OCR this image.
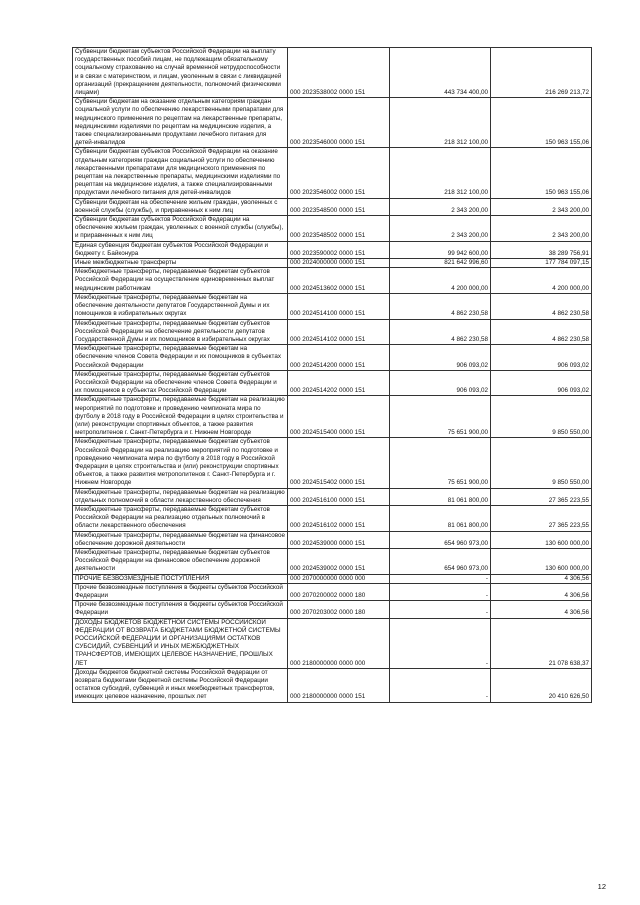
Субвенции бюджетам субъектов Российской Федерации на выплату государственных пособий лицам, не подлежащим обязательному социальному страхованию на случай временной нетрудоспособности и в связи с материнством, и лицам, уволенным в связи с ликвидацией организаций (прекращением деятельности, полномочий физическими лицами)	000 2023538002 0000 151	443 734 400,00	216 269 213,72
Субвенции бюджетам на оказание отдельным категориям граждан социальной услуги по обеспечению лекарственными препаратами для медицинского применения по рецептам на лекарственные препараты, медицинскими изделиями по рецептам на медицинские изделия, а также специализированными продуктами лечебного питания для детей-инвалидов	000 2023546000 0000 151	218 312 100,00	150 963 155,06
Субвенции бюджетам субъектов Российской Федерации на оказание отдельным категориям граждан социальной услуги по обеспечению лекарственными препаратами для медицинского применения по рецептам на лекарственные препараты, медицинскими изделиями по рецептам на медицинские изделия, а также специализированными продуктами лечебного питания для детей-инвалидов	000 2023546002 0000 151	218 312 100,00	150 963 155,06
Субвенции бюджетам на обеспечение жильем граждан, уволенных с военной службы (службы), и приравненных к ним лиц	000 2023548500 0000 151	2 343 200,00	2 343 200,00
Субвенции бюджетам субъектов Российской Федерации на обеспечение жильем граждан, уволенных с военной службы (службы), и приравненных к ним лиц	000 2023548502 0000 151	2 343 200,00	2 343 200,00
Единая субвенция бюджетам субъектов Российской Федерации и бюджету г. Байконура	000 2023590002 0000 151	99 942 600,00	38 289 756,91
Иные межбюджетные трансферты	000 2024000000 0000 151	821 642 996,60	177 784 097,15
Межбюджетные трансферты, передаваемые бюджетам субъектов Российской Федерации на осуществление единовременных выплат медицинским работникам	000 2024513602 0000 151	4 200 000,00	4 200 000,00
Межбюджетные трансферты, передаваемые бюджетам на обеспечение деятельности депутатов Государственной Думы и их помощников в избирательных округах	000 2024514100 0000 151	4 862 230,58	4 862 230,58
Межбюджетные трансферты, передаваемые бюджетам субъектов Российской Федерации на обеспечение деятельности депутатов Государственной Думы и их помощников в избирательных округах	000 2024514102 0000 151	4 862 230,58	4 862 230,58
Межбюджетные трансферты, передаваемые бюджетам на обеспечение членов Совета Федерации и их помощников в субъектах Российской Федерации	000 2024514200 0000 151	906 093,02	906 093,02
Межбюджетные трансферты, передаваемые бюджетам субъектов Российской Федерации на обеспечение членов Совета Федерации и их помощников в субъектах Российской Федерации	000 2024514202 0000 151	906 093,02	906 093,02
Межбюджетные трансферты, передаваемые бюджетам на реализацию мероприятий по подготовке и проведению чемпионата мира по футболу в 2018 году в Российской Федерации в целях строительства и (или) реконструкции спортивных объектов, а также развития метрополитенов г. Санкт-Петербурга и г. Нижнем Новгороде	000 2024515400 0000 151	75 651 900,00	9 850 550,00
Межбюджетные трансферты, передаваемые бюджетам субъектов Российской Федерации на реализацию мероприятий по подготовке и проведению чемпионата мира по футболу в 2018 году в Российской Федерации в целях строительства и (или) реконструкции спортивных объектов, а также развития метрополитенов г. Санкт-Петербурга и г. Нижнем Новгороде	000 2024515402 0000 151	75 651 900,00	9 850 550,00
Межбюджетные трансферты, передаваемые бюджетам на реализацию отдельных полномочий в области лекарственного обеспечения	000 2024516100 0000 151	81 061 800,00	27 365 223,55
Межбюджетные трансферты, передаваемые бюджетам субъектов Российской Федерации на реализацию отдельных полномочий в области лекарственного обеспечения	000 2024516102 0000 151	81 061 800,00	27 365 223,55
Межбюджетные трансферты, передаваемые бюджетам на финансовое обеспечение дорожной деятельности	000 2024539000 0000 151	654 960 973,00	130 600 000,00
Межбюджетные трансферты, передаваемые бюджетам субъектов Российской Федерации на финансовое обеспечение дорожной деятельности	000 2024539002 0000 151	654 960 973,00	130 600 000,00
ПРОЧИЕ БЕЗВОЗМЕЗДНЫЕ ПОСТУПЛЕНИЯ	000 2070000000 0000 000	-	4 306,56
Прочие безвозмездные поступления в бюджеты субъектов Российской Федерации	000 2070200002 0000 180	-	4 306,56
Прочие безвозмездные поступления в бюджеты субъектов Российской Федерации	000 2070203002 0000 180	-	4 306,56
ДОХОДЫ БЮДЖЕТОВ БЮДЖЕТНОЙ СИСТЕМЫ РОССИЙСКОЙ ФЕДЕРАЦИИ ОТ ВОЗВРАТА БЮДЖЕТАМИ БЮДЖЕТНОЙ СИСТЕМЫ РОССИЙСКОЙ ФЕДЕРАЦИИ И ОРГАНИЗАЦИЯМИ ОСТАТКОВ СУБСИДИЙ, СУБВЕНЦИЙ И ИНЫХ МЕЖБЮДЖЕТНЫХ ТРАНСФЕРТОВ, ИМЕЮЩИХ ЦЕЛЕВОЕ НАЗНАЧЕНИЕ, ПРОШЛЫХ ЛЕТ	000 2180000000 0000 000	-	21 078 638,37
Доходы бюджетов бюджетной системы Российской Федерации от возврата бюджетами бюджетной системы Российской Федерации остатков субсидий, субвенций и иных межбюджетных трансфертов, имеющих целевое назначение, прошлых лет	000 2180000000 0000 151	-	20 410 626,50
12
